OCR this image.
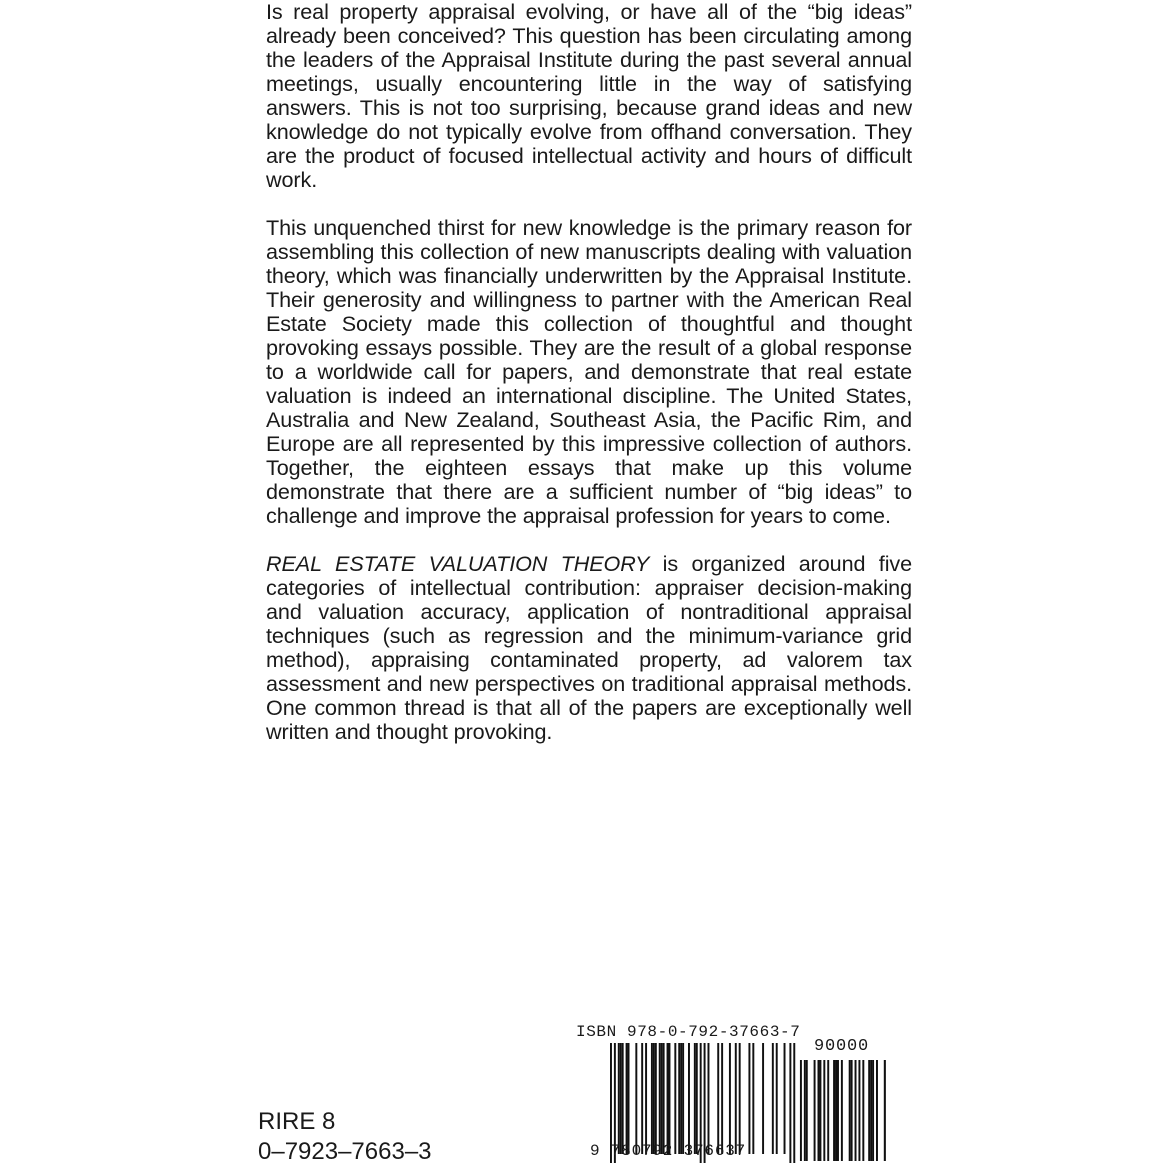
Is real property appraisal evolving, or have all of the “big ideas” already been conceived? This question has been circulating among the leaders of the Appraisal Institute during the past several annual meetings, usually encountering little in the way of satisfying answers. This is not too surprising, because grand ideas and new knowledge do not typically evolve from offhand conversation. They are the product of focused intellectual activity and hours of difficult work.

This unquenched thirst for new knowledge is the primary reason for assembling this collection of new manuscripts dealing with valuation theory, which was financially underwritten by the Appraisal Institute. Their generosity and willingness to partner with the American Real Estate Society made this collection of thoughtful and thought provoking essays possible. They are the result of a global response to a worldwide call for papers, and demonstrate that real estate valuation is indeed an international discipline. The United States, Australia and New Zealand, Southeast Asia, the Pacific Rim, and Europe are all represented by this impressive collection of authors. Together, the eighteen essays that make up this volume demonstrate that there are a sufficient number of “big ideas” to challenge and improve the appraisal profession for years to come.

REAL ESTATE VALUATION THEORY is organized around five categories of intellectual contribution: appraiser decision-making and valuation accuracy, application of nontraditional appraisal techniques (such as regression and the minimum-variance grid method), appraising contaminated property, ad valorem tax assessment and new perspectives on traditional appraisal methods. One common thread is that all of the papers are exceptionally well written and thought provoking.

RIRE 8
0–7923–7663–3
ISBN 978-0-792-37663-7
90000
9 780792 376637
